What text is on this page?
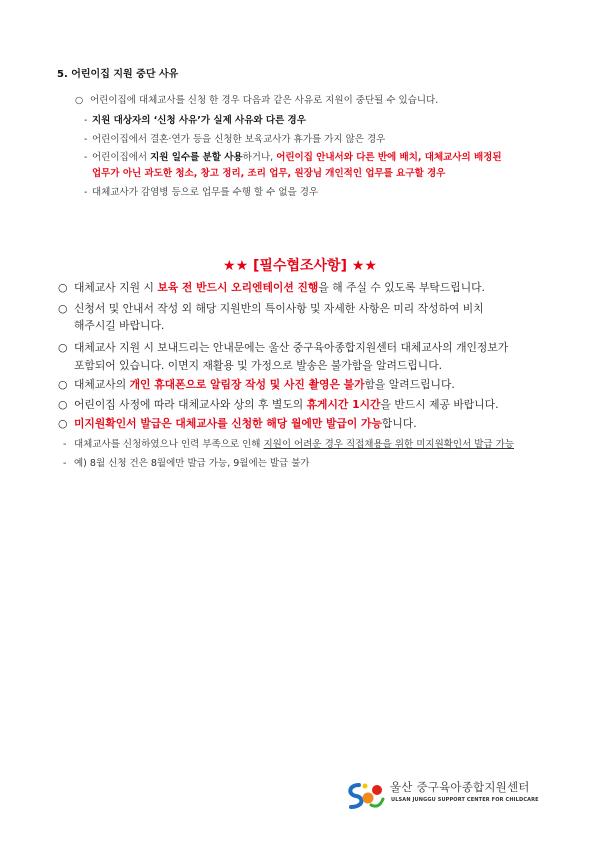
5. 어린이집 지원 중단 사유
○ 어린이집에 대체교사를 신청 한 경우 다음과 같은 사유로 지원이 중단될 수 있습니다.
- 지원 대상자의 ‘신청 사유’가 실제 사유와 다른 경우
- 어린이집에서 결혼·연가 등을 신청한 보육교사가 휴가를 가지 않은 경우
- 어린이집에서 지원 일수를 분할 사용하거나, 어린이집 안내서와 다른 반에 배치, 대체교사의 배정된
업무가 아닌 과도한 청소, 창고 정리, 조리 업무, 원장님 개인적인 업무를 요구할 경우
- 대체교사가 감염병 등으로 업무를 수행 할 수 없을 경우
★★ [필수협조사항] ★★
○ 대체교사 지원 시 보육 전 반드시 오리엔테이션 진행을 해 주실 수 있도록 부탁드립니다.
○ 신청서 및 안내서 작성 외 해당 지원반의 특이사항 및 자세한 사항은 미리 작성하여 비치
해주시길 바랍니다.
○ 대체교사 지원 시 보내드리는 안내문에는 울산 중구육아종합지원센터 대체교사의 개인정보가
포함되어 있습니다. 이면지 재활용 및 가정으로 발송은 불가함을 알려드립니다.
○ 대체교사의 개인 휴대폰으로 알림장 작성 및 사진 촬영은 불가함을 알려드립니다.
○ 어린이집 사정에 따라 대체교사와 상의 후 별도의 휴게시간 1시간을 반드시 제공 바랍니다.
○ 미지원확인서 발급은 대체교사를 신청한 해당 월에만 발급이 가능합니다.
- 대체교사를 신청하였으나 인력 부족으로 인해 지원이 어려운 경우 직접채용을 위한 미지원확인서 발급 가능
- 예) 8월 신청 건은 8월에만 발급 가능, 9월에는 발급 불가
울산 중구육아종합지원센터
ULSAN JUNGGU SUPPORT CENTER FOR CHILDCARE
